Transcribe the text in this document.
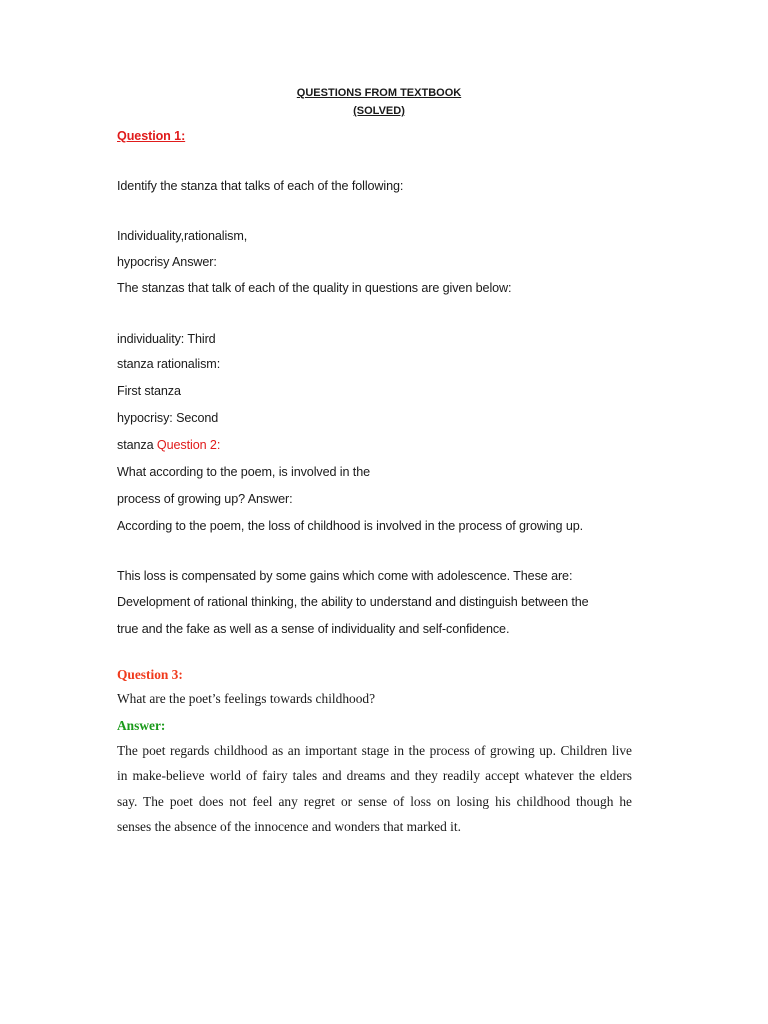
QUESTIONS FROM TEXTBOOK
(SOLVED)
Question 1:
Identify the stanza that talks of each of the following:
Individuality,rationalism,
hypocrisy Answer:
The stanzas that talk of each of the quality in questions are given below:
individuality: Third
stanza rationalism:
First stanza
hypocrisy: Second
stanza Question 2:
What according to the poem, is involved in the
process of growing up? Answer:
According to the poem, the loss of childhood is involved in the process of growing up.
This loss is compensated by some gains which come with adolescence. These are:
Development of rational thinking, the ability to understand and distinguish between the
true and the fake as well as a sense of individuality and self-confidence.
Question 3:
What are the poet’s feelings towards childhood?
Answer:
The poet regards childhood as an important stage in the process of growing up. Children live
in make-believe world of fairy tales and dreams and they readily accept whatever the elders
say. The poet does not feel any regret or sense of loss on losing his childhood though he
senses the absence of the innocence and wonders that marked it.
